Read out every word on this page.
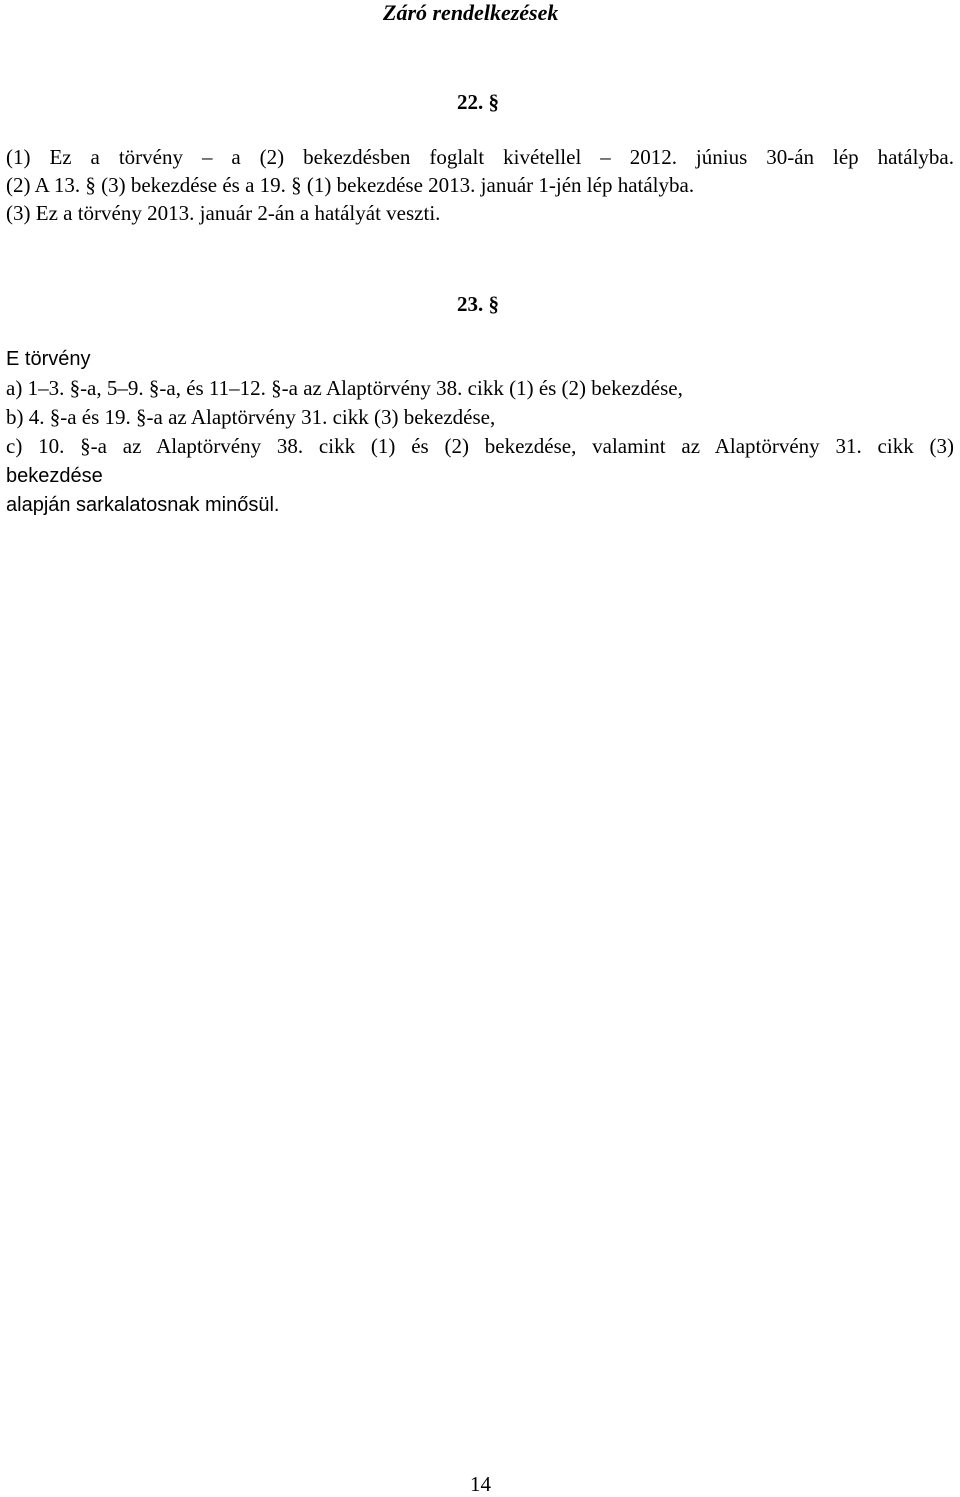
Záró rendelkezések
22. §
(1) Ez a törvény – a (2) bekezdésben foglalt kivétellel – 2012. június 30-án lép hatályba.
(2) A 13. § (3) bekezdése és a 19. § (1) bekezdése 2013. január 1-jén lép hatályba.
(3) Ez a törvény 2013. január 2-án a hatályát veszti.
23. §
E törvény
a) 1–3. §-a, 5–9. §-a, és 11–12. §-a az Alaptörvény 38. cikk (1) és (2) bekezdése,
b) 4. §-a és 19. §-a az Alaptörvény 31. cikk (3) bekezdése,
c) 10. §-a az Alaptörvény 38. cikk (1) és (2) bekezdése, valamint az Alaptörvény 31. cikk (3)
bekezdése
alapján sarkalatosnak minősül.
14
